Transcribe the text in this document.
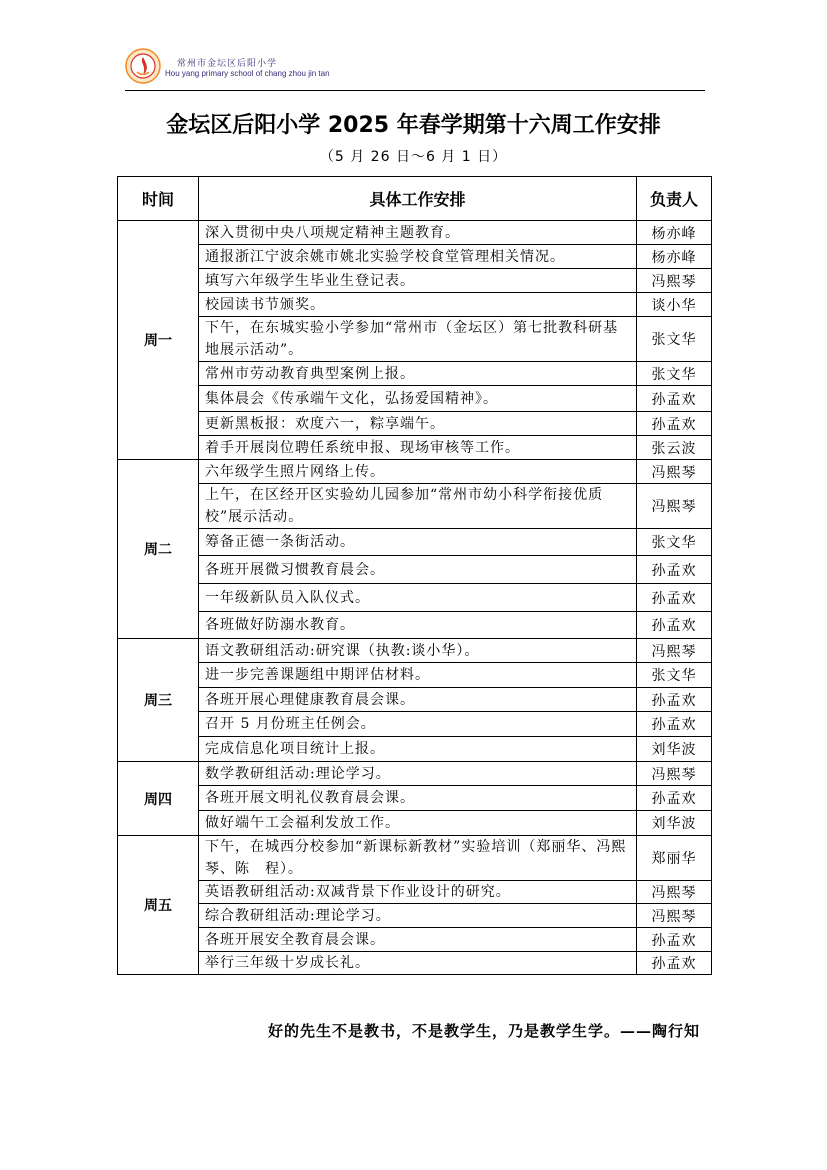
常州市金坛区后阳小学
Hou yang primary school of chang zhou jin tan
金坛区后阳小学 2025 年春学期第十六周工作安排
（5 月 26 日～6 月 1 日）
时间	具体工作安排	负责人
周一	深入贯彻中央八项规定精神主题教育。	杨亦峰
	通报浙江宁波余姚市姚北实验学校食堂管理相关情况。	杨亦峰
	填写六年级学生毕业生登记表。	冯熙琴
	校园读书节颁奖。	谈小华
	下午，在东城实验小学参加“常州市（金坛区）第七批教科研基地展示活动”。	张文华
	常州市劳动教育典型案例上报。	张文华
	集体晨会《传承端午文化，弘扬爱国精神》。	孙孟欢
	更新黑板报：欢度六一，粽享端午。	孙孟欢
	着手开展岗位聘任系统申报、现场审核等工作。	张云波
周二	六年级学生照片网络上传。	冯熙琴
	上午，在区经开区实验幼儿园参加“常州市幼小科学衔接优质校”展示活动。	冯熙琴
	筹备正德一条街活动。	张文华
	各班开展微习惯教育晨会。	孙孟欢
	一年级新队员入队仪式。	孙孟欢
	各班做好防溺水教育。	孙孟欢
周三	语文教研组活动:研究课（执教:谈小华）。	冯熙琴
	进一步完善课题组中期评估材料。	张文华
	各班开展心理健康教育晨会课。	孙孟欢
	召开 5 月份班主任例会。	孙孟欢
	完成信息化项目统计上报。	刘华波
周四	数学教研组活动:理论学习。	冯熙琴
	各班开展文明礼仪教育晨会课。	孙孟欢
	做好端午工会福利发放工作。	刘华波
周五	下午，在城西分校参加“新课标新教材”实验培训（郑丽华、冯熙琴、陈　程）。	郑丽华
	英语教研组活动:双减背景下作业设计的研究。	冯熙琴
	综合教研组活动:理论学习。	冯熙琴
	各班开展安全教育晨会课。	孙孟欢
	举行三年级十岁成长礼。	孙孟欢
好的先生不是教书，不是教学生，乃是教学生学。——陶行知
